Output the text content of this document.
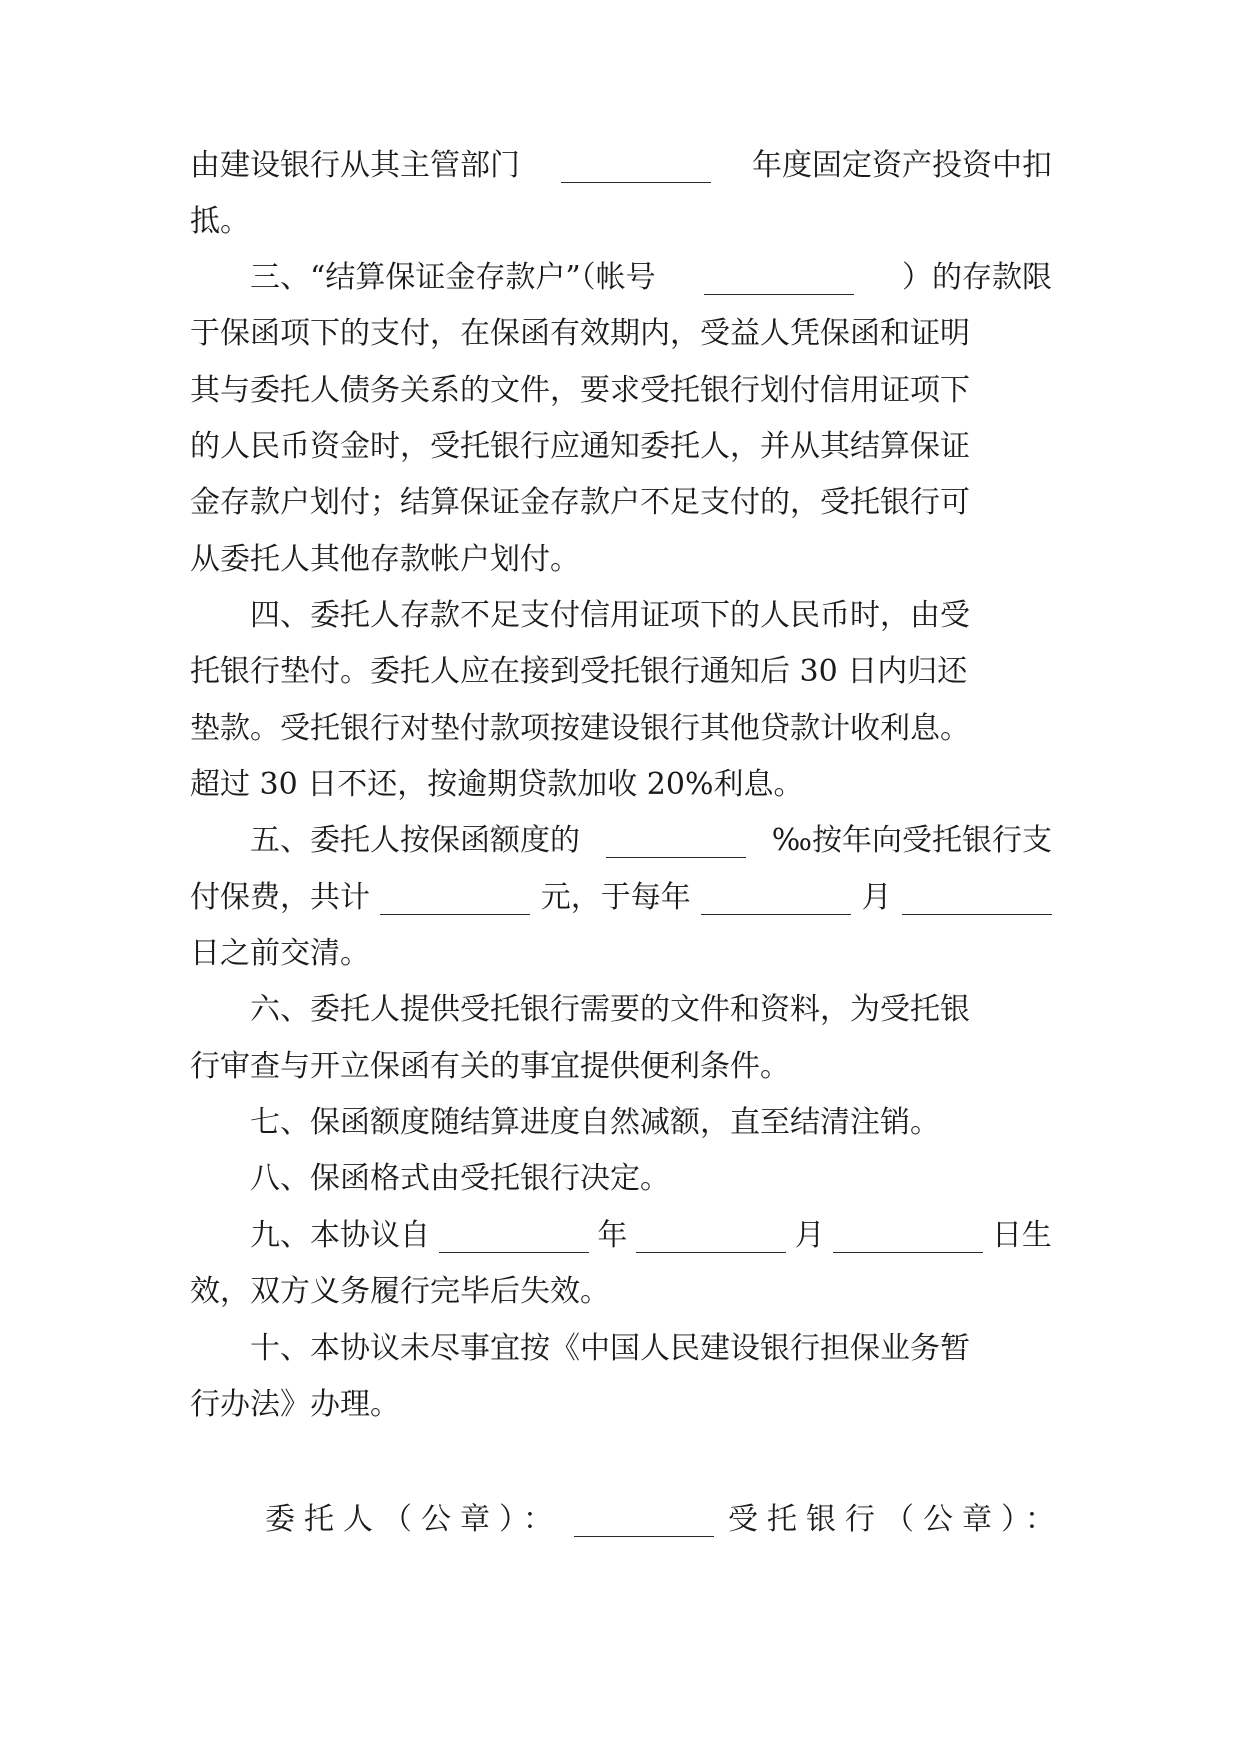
由建设银行从其主管部门	年度固定资产投资中扣
抵。
三、“结算保证金存款户”（帐号	）的存款限
于保函项下的支付，在保函有效期内，受益人凭保函和证明
其与委托人债务关系的文件，要求受托银行划付信用证项下
的人民币资金时，受托银行应通知委托人，并从其结算保证
金存款户划付；结算保证金存款户不足支付的，受托银行可
从委托人其他存款帐户划付。
四、委托人存款不足支付信用证项下的人民币时，由受
托银行垫付。委托人应在接到受托银行通知后 30 日内归还
垫款。受托银行对垫付款项按建设银行其他贷款计收利息。
超过 30 日不还，按逾期贷款加收 20%利息。
五、委托人按保函额度的	‰按年向受托银行支
付保费，共计	元，于每年	月
日之前交清。
六、委托人提供受托银行需要的文件和资料，为受托银
行审查与开立保函有关的事宜提供便利条件。
七、保函额度随结算进度自然减额，直至结清注销。
八、保函格式由受托银行决定。
九、本协议自	年	月	日生
效，双方义务履行完毕后失效。
十、本协议未尽事宜按《中国人民建设银行担保业务暂
行办法》办理。
委托人（公章）：	受托银行（公章）：
